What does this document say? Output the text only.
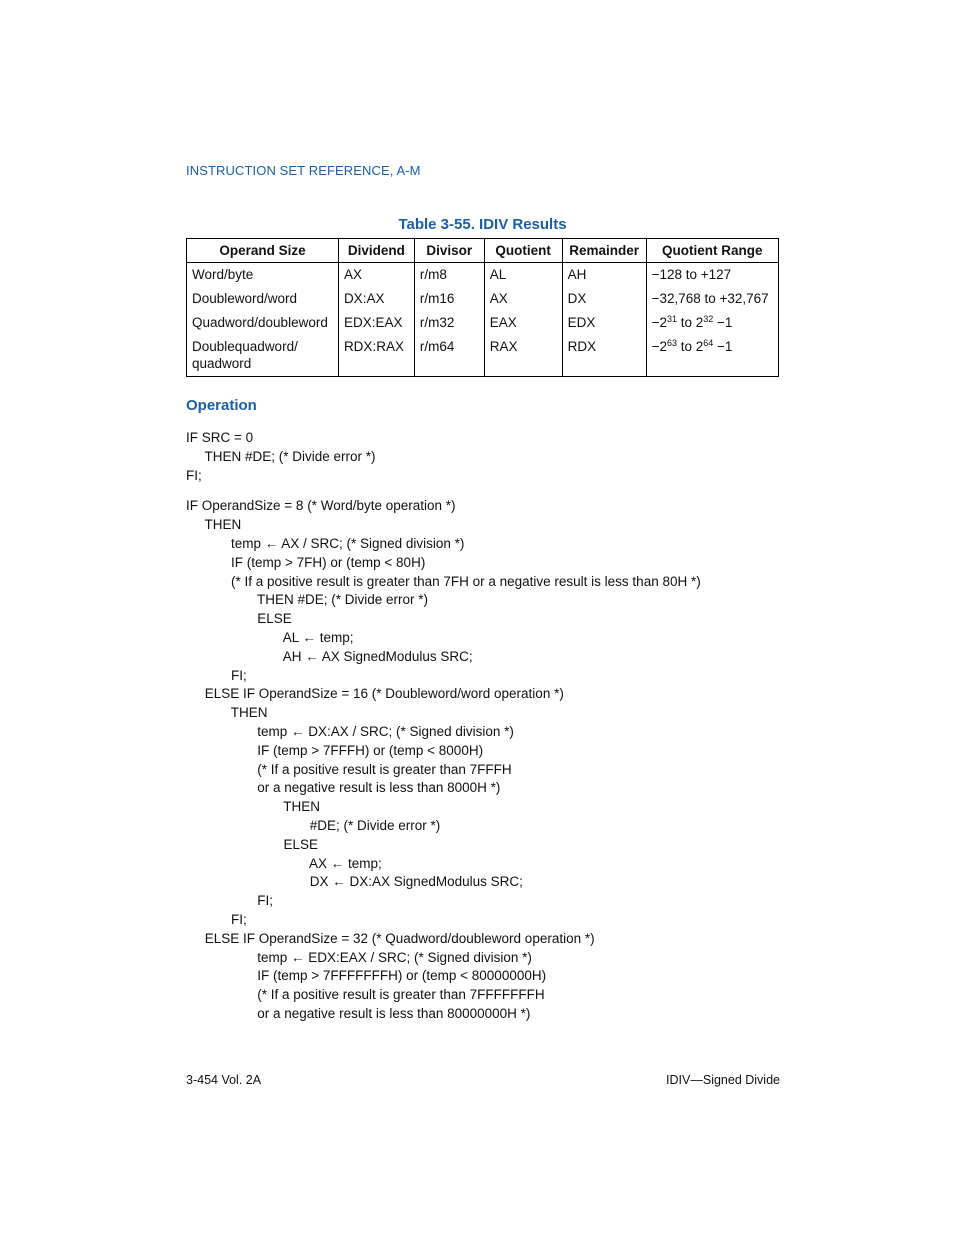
INSTRUCTION SET REFERENCE, A-M
Table 3-55. IDIV Results
Operand Size	Dividend	Divisor	Quotient	Remainder	Quotient Range
Word/byte	AX	r/m8	AL	AH	−128 to +127
Doubleword/word	DX:AX	r/m16	AX	DX	−32,768 to +32,767
Quadword/doubleword	EDX:EAX	r/m32	EAX	EDX	$-2^{31}$ to $2^{32} -1$
Doublequadword/ quadword	RDX:RAX	r/m64	RAX	RDX	$-2^{63}$ to $2^{64} -1$
Operation
IF SRC = 0
THEN #DE; (* Divide error *)
FI;
IF OperandSize = 8 (* Word/byte operation *)
THEN
temp ← AX / SRC; (* Signed division *)
IF (temp > 7FH) or (temp < 80H)
(* If a positive result is greater than 7FH or a negative result is less than 80H *)
THEN #DE; (* Divide error *)
ELSE
AL ← temp;
AH ← AX SignedModulus SRC;
FI;
ELSE IF OperandSize = 16 (* Doubleword/word operation *)
THEN
temp ← DX:AX / SRC; (* Signed division *)
IF (temp > 7FFFH) or (temp < 8000H)
(* If a positive result is greater than 7FFFH
or a negative result is less than 8000H *)
THEN
#DE; (* Divide error *)
ELSE
AX ← temp;
DX ← DX:AX SignedModulus SRC;
FI;
FI;
ELSE IF OperandSize = 32 (* Quadword/doubleword operation *)
temp ← EDX:EAX / SRC; (* Signed division *)
IF (temp > 7FFFFFFFH) or (temp < 80000000H)
(* If a positive result is greater than 7FFFFFFFH
or a negative result is less than 80000000H *)
3-454 Vol. 2A	IDIV—Signed Divide
